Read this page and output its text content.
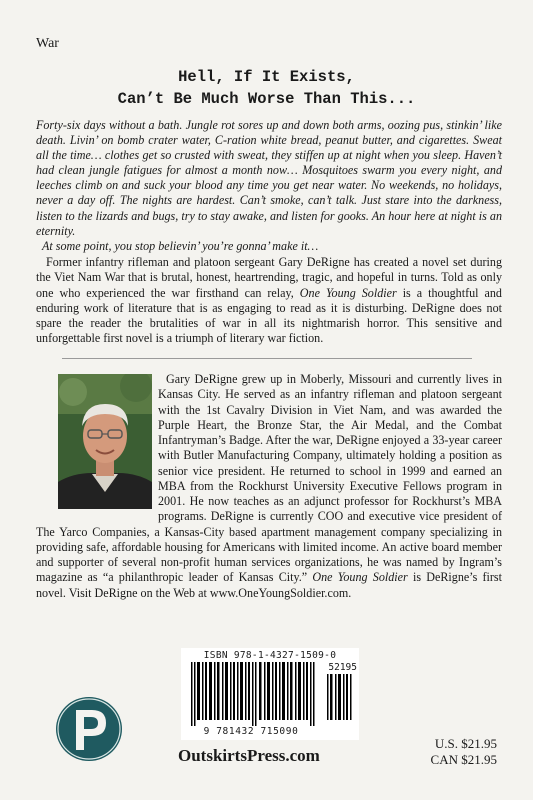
War
Hell, If It Exists,
Can’t Be Much Worse Than This...

Forty-six days without a bath. Jungle rot sores up and down both arms, oozing pus, stinkin’ like death. Livin’ on bomb crater water, C-ration white bread, peanut butter, and cigarettes. Sweat all the time… clothes get so crusted with sweat, they stiffen up at night when you sleep. Haven’t had clean jungle fatigues for almost a month now… Mosquitoes swarm you every night, and leeches climb on and suck your blood any time you get near water. No weekends, no holidays, never a day off. The nights are hardest. Can’t smoke, can’t talk. Just stare into the darkness, listen to the lizards and bugs, try to stay awake, and listen for gooks. An hour here at night is an eternity.

At some point, you stop believin’ you’re gonna’ make it…

Former infantry rifleman and platoon sergeant Gary DeRigne has created a novel set during the Viet Nam War that is brutal, honest, heartrending, tragic, and hopeful in turns. Told as only one who experienced the war firsthand can relay, One Young Soldier is a thoughtful and enduring work of literature that is as engaging to read as it is disturbing. DeRigne does not spare the reader the brutalities of war in all its nightmarish horror. This sensitive and unforgettable first novel is a triumph of literary war fiction.

Gary DeRigne grew up in Moberly, Missouri and currently lives in Kansas City. He served as an infantry rifleman and platoon sergeant with the 1st Cavalry Division in Viet Nam, and was awarded the Purple Heart, the Bronze Star, the Air Medal, and the Combat Infantryman’s Badge. After the war, DeRigne enjoyed a 33-year career with Butler Manufacturing Company, ultimately holding a position as senior vice president. He returned to school in 1999 and earned an MBA from the Rockhurst University Executive Fellows program in 2001. He now teaches as an adjunct professor for Rockhurst’s MBA programs. DeRigne is currently COO and executive vice president of The Yarco Companies, a Kansas-City based apartment management company specializing in providing safe, affordable housing for Americans with limited income. An active board member and supporter of several non-profit human services organizations, he was named by Ingram’s magazine as “a philanthropic leader of Kansas City.” One Young Soldier is DeRigne’s first novel. Visit DeRigne on the Web at www.OneYoungSoldier.com.

ISBN 978-1-4327-1509-0
52195
9 781432 715090
OutskirtsPress.com
U.S. $21.95
CAN $21.95
